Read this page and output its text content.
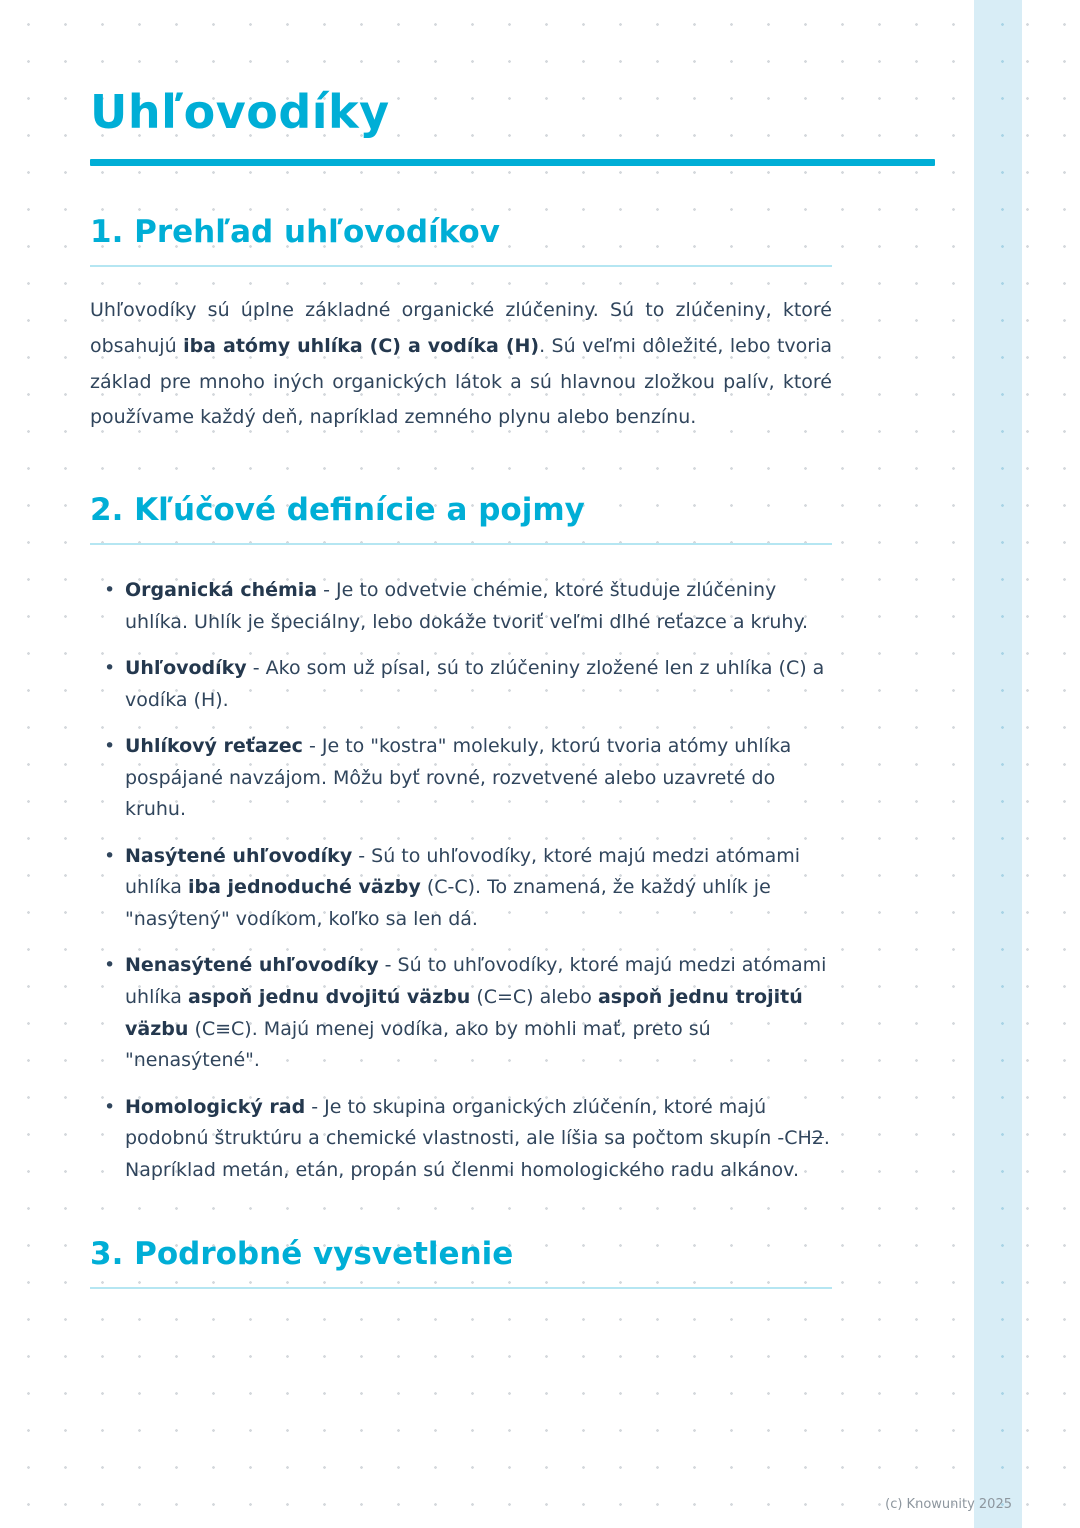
Uhľovodíky
1. Prehľad uhľovodíkov

Uhľovodíky sú úplne základné organické zlúčeniny. Sú to zlúčeniny, ktoré obsahujú iba atómy uhlíka (C) a vodíka (H). Sú veľmi dôležité, lebo tvoria základ pre mnoho iných organických látok a sú hlavnou zložkou palív, ktoré používame každý deň, napríklad zemného plynu alebo benzínu.

2. Kľúčové definície a pojmy
• Organická chémia - Je to odvetvie chémie, ktoré študuje zlúčeniny uhlíka. Uhlík je špeciálny, lebo dokáže tvoriť veľmi dlhé reťazce a kruhy.
• Uhľovodíky - Ako som už písal, sú to zlúčeniny zložené len z uhlíka (C) a vodíka (H).
• Uhlíkový reťazec - Je to "kostra" molekuly, ktorú tvoria atómy uhlíka pospájané navzájom. Môžu byť rovné, rozvetvené alebo uzavreté do kruhu.
• Nasýtené uhľovodíky - Sú to uhľovodíky, ktoré majú medzi atómami uhlíka iba jednoduché väzby (C-C). To znamená, že každý uhlík je "nasýtený" vodíkom, koľko sa len dá.
• Nenasýtené uhľovodíky - Sú to uhľovodíky, ktoré majú medzi atómami uhlíka aspoň jednu dvojitú väzbu (C=C) alebo aspoň jednu trojitú väzbu (C≡C). Majú menej vodíka, ako by mohli mať, preto sú "nenasýtené".
• Homologický rad - Je to skupina organických zlúčenín, ktoré majú podobnú štruktúru a chemické vlastnosti, ale líšia sa počtom skupín -CH2. Napríklad metán, etán, propán sú členmi homologického radu alkánov.
3. Podrobné vysvetlenie
(c) Knowunity 2025
